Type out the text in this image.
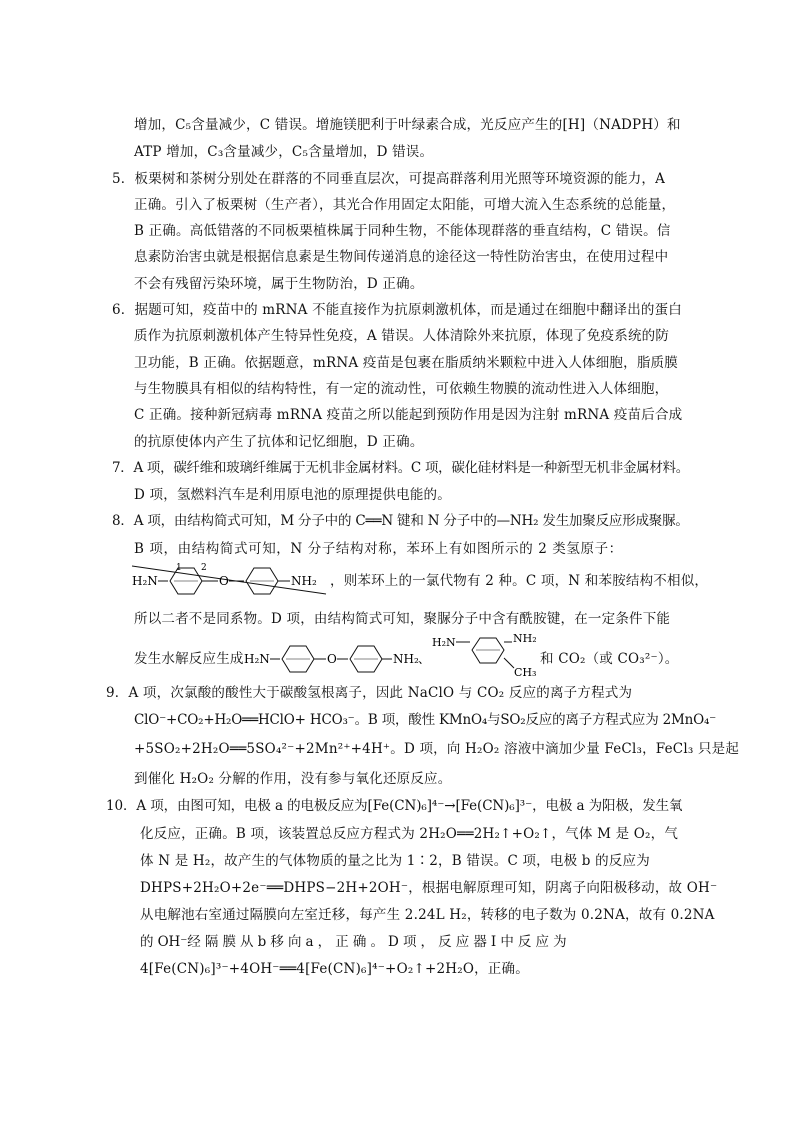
增加，C₅含量减少，C 错误。增施镁肥利于叶绿素合成，光反应产生的[H]（NADPH）和
ATP 增加，C₃含量减少，C₅含量增加，D 错误。
5．板栗树和茶树分别处在群落的不同垂直层次，可提高群落利用光照等环境资源的能力，A
正确。引入了板栗树（生产者），其光合作用固定太阳能，可增大流入生态系统的总能量，
B 正确。高低错落的不同板栗植株属于同种生物，不能体现群落的垂直结构，C 错误。信
息素防治害虫就是根据信息素是生物间传递消息的途径这一特性防治害虫，在使用过程中
不会有残留污染环境，属于生物防治，D 正确。
6．据题可知，疫苗中的 mRNA 不能直接作为抗原刺激机体，而是通过在细胞中翻译出的蛋白
质作为抗原刺激机体产生特异性免疫，A 错误。人体清除外来抗原，体现了免疫系统的防
卫功能，B 正确。依据题意，mRNA 疫苗是包裹在脂质纳米颗粒中进入人体细胞，脂质膜
与生物膜具有相似的结构特性，有一定的流动性，可依赖生物膜的流动性进入人体细胞，
C 正确。接种新冠病毒 mRNA 疫苗之所以能起到预防作用是因为注射 mRNA 疫苗后合成
的抗原使体内产生了抗体和记忆细胞，D 正确。
7．A 项，碳纤维和玻璃纤维属于无机非金属材料。C 项，碳化硅材料是一种新型无机非金属材料。
D 项，氢燃料汽车是利用原电池的原理提供电能的。
8．A 项，由结构简式可知，M 分子中的 C══N 键和 N 分子中的—NH₂ 发生加聚反应形成聚脲。
B 项，由结构简式可知，N 分子结构对称，苯环上有如图所示的 2 类氢原子：
H₂N
1 2
O	NH₂ ，则苯环上的一氯代物有 2 种。C 项，N 和苯胺结构不相似，
所以二者不是同系物。D 项，由结构简式可知，聚脲分子中含有酰胺键，在一定条件下能
发生水解反应生成 H₂N	O	NH₂ 、
H₂N	NH₂
CH₃
和 CO₂（或 CO₃²⁻）。
9．A 项，次氯酸的酸性大于碳酸氢根离子，因此 NaClO 与 CO₂ 反应的离子方程式为
ClO⁻+CO₂+H₂O══HClO+ HCO₃⁻。B 项，酸性 KMnO₄与SO₂反应的离子方程式应为 2MnO₄⁻
+5SO₂+2H₂O══5SO₄²⁻+2Mn²⁺+4H⁺。D 项，向 H₂O₂ 溶液中滴加少量 FeCl₃，FeCl₃ 只是起
到催化 H₂O₂ 分解的作用，没有参与氧化还原反应。
10．A 项，由图可知，电极 a 的电极反应为[Fe(CN)₆]⁴⁻→[Fe(CN)₆]³⁻，电极 a 为阳极，发生氧
化反应，正确。B 项，该装置总反应方程式为 2H₂O══2H₂↑+O₂↑，气体 M 是 O₂，气
体 N 是 H₂，故产生的气体物质的量之比为 1∶2，B 错误。C 项，电极 b 的反应为
DHPS+2H₂O+2e⁻══DHPS−2H+2OH⁻，根据电解原理可知，阴离子向阳极移动，故 OH⁻
从电解池右室通过隔膜向左室迁移，每产生 2.24L H₂，转移的电子数为 0.2NA，故有 0.2NA
的 OH⁻经 隔 膜 从 b 移 向 a ， 正 确 。 D 项 ， 反 应 器 Ⅰ 中 反 应 为
4[Fe(CN)₆]³⁻+4OH⁻══4[Fe(CN)₆]⁴⁻+O₂↑+2H₂O，正确。
